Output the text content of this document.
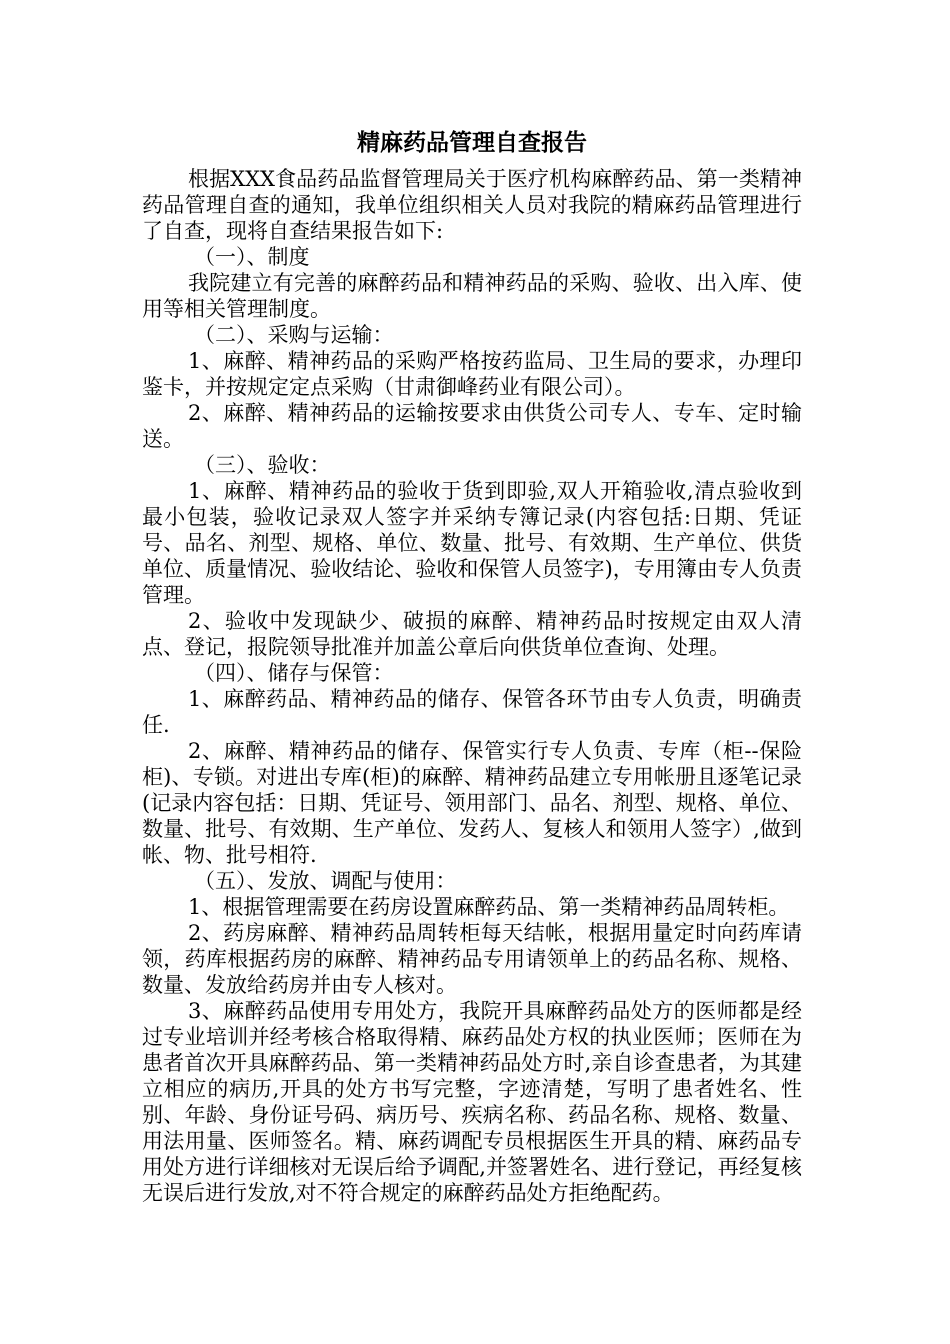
精麻药品管理自查报告

根据XXX食品药品监督管理局关于医疗机构麻醉药品、第一类精神药品管理自查的通知，我单位组织相关人员对我院的精麻药品管理进行了自查，现将自查结果报告如下:

（一）、制度

我院建立有完善的麻醉药品和精神药品的采购、验收、出入库、使用等相关管理制度。

（二）、采购与运输：

1、麻醉、精神药品的采购严格按药监局、卫生局的要求，办理印鉴卡，并按规定定点采购（甘肃御峰药业有限公司）。

2、麻醉、精神药品的运输按要求由供货公司专人、专车、定时输送。

（三）、验收：

1、麻醉、精神药品的验收于货到即验,双人开箱验收,清点验收到最小包装，验收记录双人签字并采纳专簿记录(内容包括:日期、凭证号、品名、剂型、规格、单位、数量、批号、有效期、生产单位、供货单位、质量情况、验收结论、验收和保管人员签字)，专用簿由专人负责管理。

2、验收中发现缺少、破损的麻醉、精神药品时按规定由双人清点、登记，报院领导批准并加盖公章后向供货单位查询、处理。

（四）、储存与保管：

1、麻醉药品、精神药品的储存、保管各环节由专人负责，明确责任.

2、麻醉、精神药品的储存、保管实行专人负责、专库（柜--保险柜)、专锁。对进出专库(柜)的麻醉、精神药品建立专用帐册且逐笔记录(记录内容包括：日期、凭证号、领用部门、品名、剂型、规格、单位、数量、批号、有效期、生产单位、发药人、复核人和领用人签字）,做到帐、物、批号相符.

（五）、发放、调配与使用：

1、根据管理需要在药房设置麻醉药品、第一类精神药品周转柜。

2、药房麻醉、精神药品周转柜每天结帐，根据用量定时向药库请领，药库根据药房的麻醉、精神药品专用请领单上的药品名称、规格、数量、发放给药房并由专人核对。

3、麻醉药品使用专用处方，我院开具麻醉药品处方的医师都是经过专业培训并经考核合格取得精、麻药品处方权的执业医师；医师在为患者首次开具麻醉药品、第一类精神药品处方时,亲自诊查患者，为其建立相应的病历,开具的处方书写完整，字迹清楚，写明了患者姓名、性别、年龄、身份证号码、病历号、疾病名称、药品名称、规格、数量、用法用量、医师签名。精、麻药调配专员根据医生开具的精、麻药品专用处方进行详细核对无误后给予调配,并签署姓名、进行登记，再经复核无误后进行发放,对不符合规定的麻醉药品处方拒绝配药。
